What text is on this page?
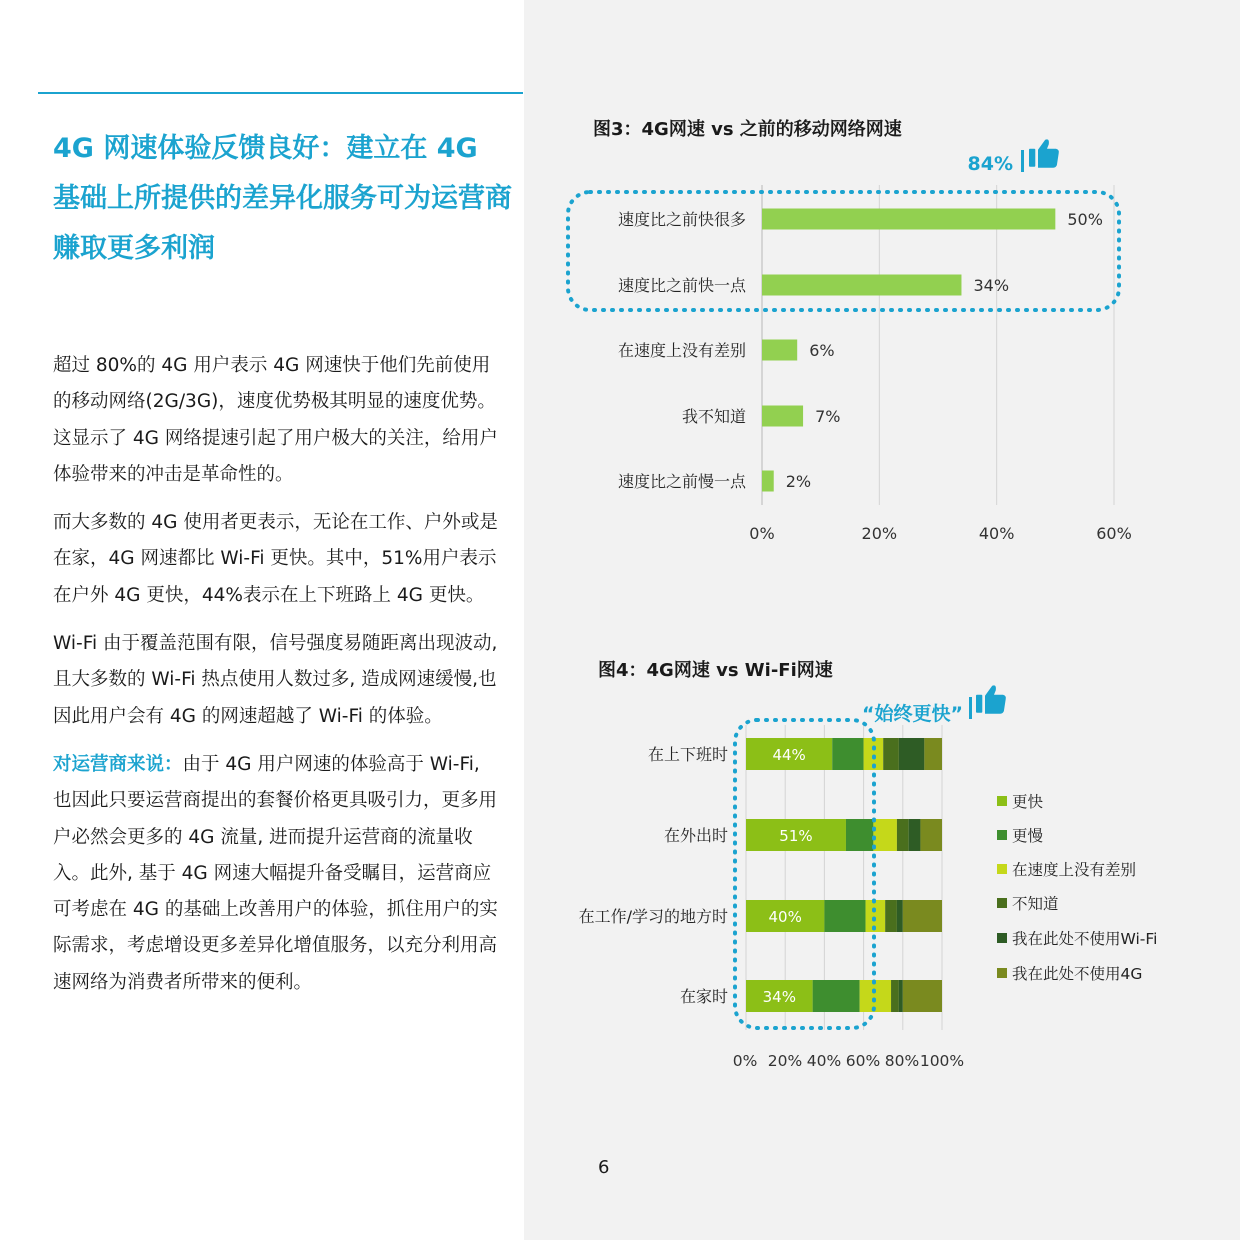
4G 网速体验反馈良好：建立在 4G 基础上所提供的差异化服务可为运营商赚取更多利润

超过 80%的 4G 用户表示 4G 网速快于他们先前使用的移动网络(2G/3G)，速度优势极其明显的速度优势。 这显示了 4G 网络提速引起了用户极大的关注，给用户体验带来的冲击是革命性的。

而大多数的 4G 使用者更表示，无论在工作、户外或是在家，4G 网速都比 Wi-Fi 更快。其中，51%用户表示在户外 4G 更快，44%表示在上下班路上 4G 更快。

Wi-Fi 由于覆盖范围有限，信号强度易随距离出现波动, 且大多数的 Wi-Fi 热点使用人数过多, 造成网速缓慢,也因此用户会有 4G 的网速超越了 Wi-Fi 的体验。

对运营商来说：由于 4G 用户网速的体验高于 Wi-Fi, 也因此只要运营商提出的套餐价格更具吸引力，更多用户必然会更多的 4G 流量, 进而提升运营商的流量收入。此外, 基于 4G 网速大幅提升备受瞩目，运营商应可考虑在 4G 的基础上改善用户的体验，抓住用户的实际需求，考虑增设更多差异化增值服务，以充分利用高速网络为消费者所带来的便利。

图3：4G网速 vs 之前的移动网络网速
图4：4G网速 vs Wi-Fi网速
6
0%	20%	40%	60%
速度比之前快很多	50%
速度比之前快一点	34%
在速度上没有差别	6%
我不知道	7%
速度比之前慢一点 2%
84%
0% 20% 40% 60% 80% 100%
在上下班时	44%
在外出时	51%
在工作/学习的地方时	40%
在家时 34%
更快
更慢
在速度上没有差别
不知道
我在此处不使用Wi-Fi
我在此处不使用4G
“始终更快”
